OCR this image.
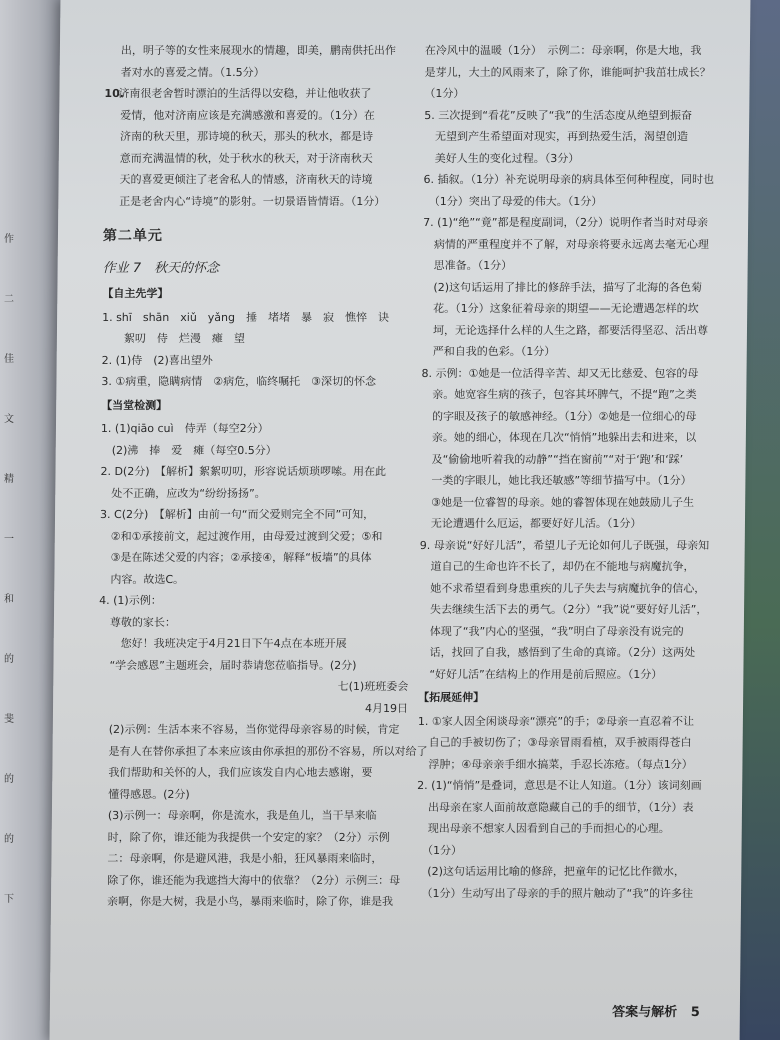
作
二
佳
文
精
一
和
的
斐
的
的
下
出，明子等的女性来展现水的情趣，即美，鹏南供托出作
者对水的喜爱之情。（1.5分）
10.济南很老舍暂时漂泊的生活得以安稳，并让他收获了
爱情，他对济南应该是充满感激和喜爱的。（1分）在
济南的秋天里，那诗境的秋天，那头的秋水，都是诗
意而充满温情的秋，处于秋水的秋天，对于济南秋天
天的喜爱更倾注了老舍私人的情感，济南秋天的诗境
正是老舍内心“诗境”的影射。一切景语皆情语。（1分）
第二单元
作业 7　秋天的怀念
【自主先学】
1. shī　shān　xiǔ　yǎng　捶　堵堵　暴　寂　憔悴　诀
　　絮叨　侍　烂漫　瘫　望
2. (1)侍　(2)喜出望外
3. ①病重，隐瞒病情　②病危，临终嘱托　③深切的怀念
【当堂检测】
1. (1)qiāo cuì　侍弄（每空2分）
　(2)沸　捧　爱　瘫（每空0.5分）
2. D(2分)　【解析】絮絮叨叨，形容说话烦琐啰嗦。用在此
　处不正确，应改为“纷纷扬扬”。
3. C(2分)　【解析】由前一句“而父爱则完全不同”可知，
　②和①承接前文，起过渡作用，由母爱过渡到父爱；⑤和
　③是在陈述父爱的内容；②承接④，解释“板墙”的具体
　内容。故选C。
4. (1)示例：
　尊敬的家长：
　　您好！我班决定于4月21日下午4点在本班开展
　“学会感恩”主题班会，届时恭请您莅临指导。(2分)
七(1)班班委会
4月19日
　(2)示例：生活本来不容易，当你觉得母亲容易的时候，肯定
　是有人在替你承担了本来应该由你承担的那份不容易，所以对给了
　我们帮助和关怀的人，我们应该发自内心地去感谢，要
　懂得感恩。(2分)
　(3)示例一：母亲啊，你是流水，我是鱼儿，当干旱来临
　时，除了你，谁还能为我提供一个安定的家？（2分）示例
　二：母亲啊，你是避风港，我是小船，狂风暴雨来临时，
　除了你，谁还能为我遮挡大海中的依靠？（2分）示例三：母
　亲啊，你是大树，我是小鸟，暴雨来临时，除了你，谁是我
在冷风中的温暖（1分）　示例二：母亲啊，你是大地，我
是芽儿，大土的风雨来了，除了你，谁能呵护我茁壮成长？
（1分）
5. 三次提到“看花”反映了“我”的生活态度从绝望到振奋
　无望到产生希望面对现实，再到热爱生活，渴望创造
　美好人生的变化过程。（3分）
6. 插叙。（1分）补充说明母亲的病具体至何种程度，同时也
　（1分）突出了母爱的伟大。（1分）
7. (1)“绝”“竟”都是程度副词，（2分）说明作者当时对母亲
　病情的严重程度并不了解，对母亲将要永远离去毫无心理
　思准备。（1分）
　(2)这句话运用了排比的修辞手法，描写了北海的各色菊
　花。（1分）这象征着母亲的期望——无论遭遇怎样的坎
　坷，无论选择什么样的人生之路，都要活得坚忍、活出尊
　严和自我的色彩。（1分）
8. 示例：①她是一位活得辛苦、却又无比慈爱、包容的母
　亲。她宽容生病的孩子，包容其坏脾气，不提“跑”之类
　的字眼及孩子的敏感神经。（1分）②她是一位细心的母
　亲。她的细心，体现在几次“悄悄”地躲出去和进来，以
　及“偷偷地听着我的动静”“挡在窗前”“对于‘跑’和‘踩’
　一类的字眼儿，她比我还敏感”等细节描写中。（1分）
　③她是一位睿智的母亲。她的睿智体现在她鼓励儿子生
　无论遭遇什么厄运，都要好好儿活。（1分）
9. 母亲说“好好儿活”，希望儿子无论如何儿子既强，母亲知
　道自己的生命也许不长了，却仍在不能地与病魔抗争，
　她不求希望看到身患重疾的儿子失去与病魔抗争的信心，
　失去继续生活下去的勇气。（2分）“我”说“要好好儿活”，
　体现了“我”内心的坚强，“我”明白了母亲没有说完的
　话，找回了自我，感悟到了生命的真谛。（2分）这两处
　“好好儿活”在结构上的作用是前后照应。（1分）
【拓展延伸】
1. ①家人因全闲谈母亲“漂亮”的手；②母亲一直忍着不让
　自己的手被切伤了；③母亲冒雨看植，双手被雨得苍白
　浮肿；④母亲亲手细水搞菜，手忍长冻疮。（每点1分）
2. (1)“悄悄”是叠词，意思是不让人知道。（1分）该词刻画
　出母亲在家人面前故意隐藏自己的手的细节，（1分）表
　现出母亲不想家人因看到自己的手而担心的心理。
　（1分）
　(2)这句话运用比喻的修辞，把童年的记忆比作微水，
　（1分）生动写出了母亲的手的照片触动了“我”的许多往
答案与解析 5
